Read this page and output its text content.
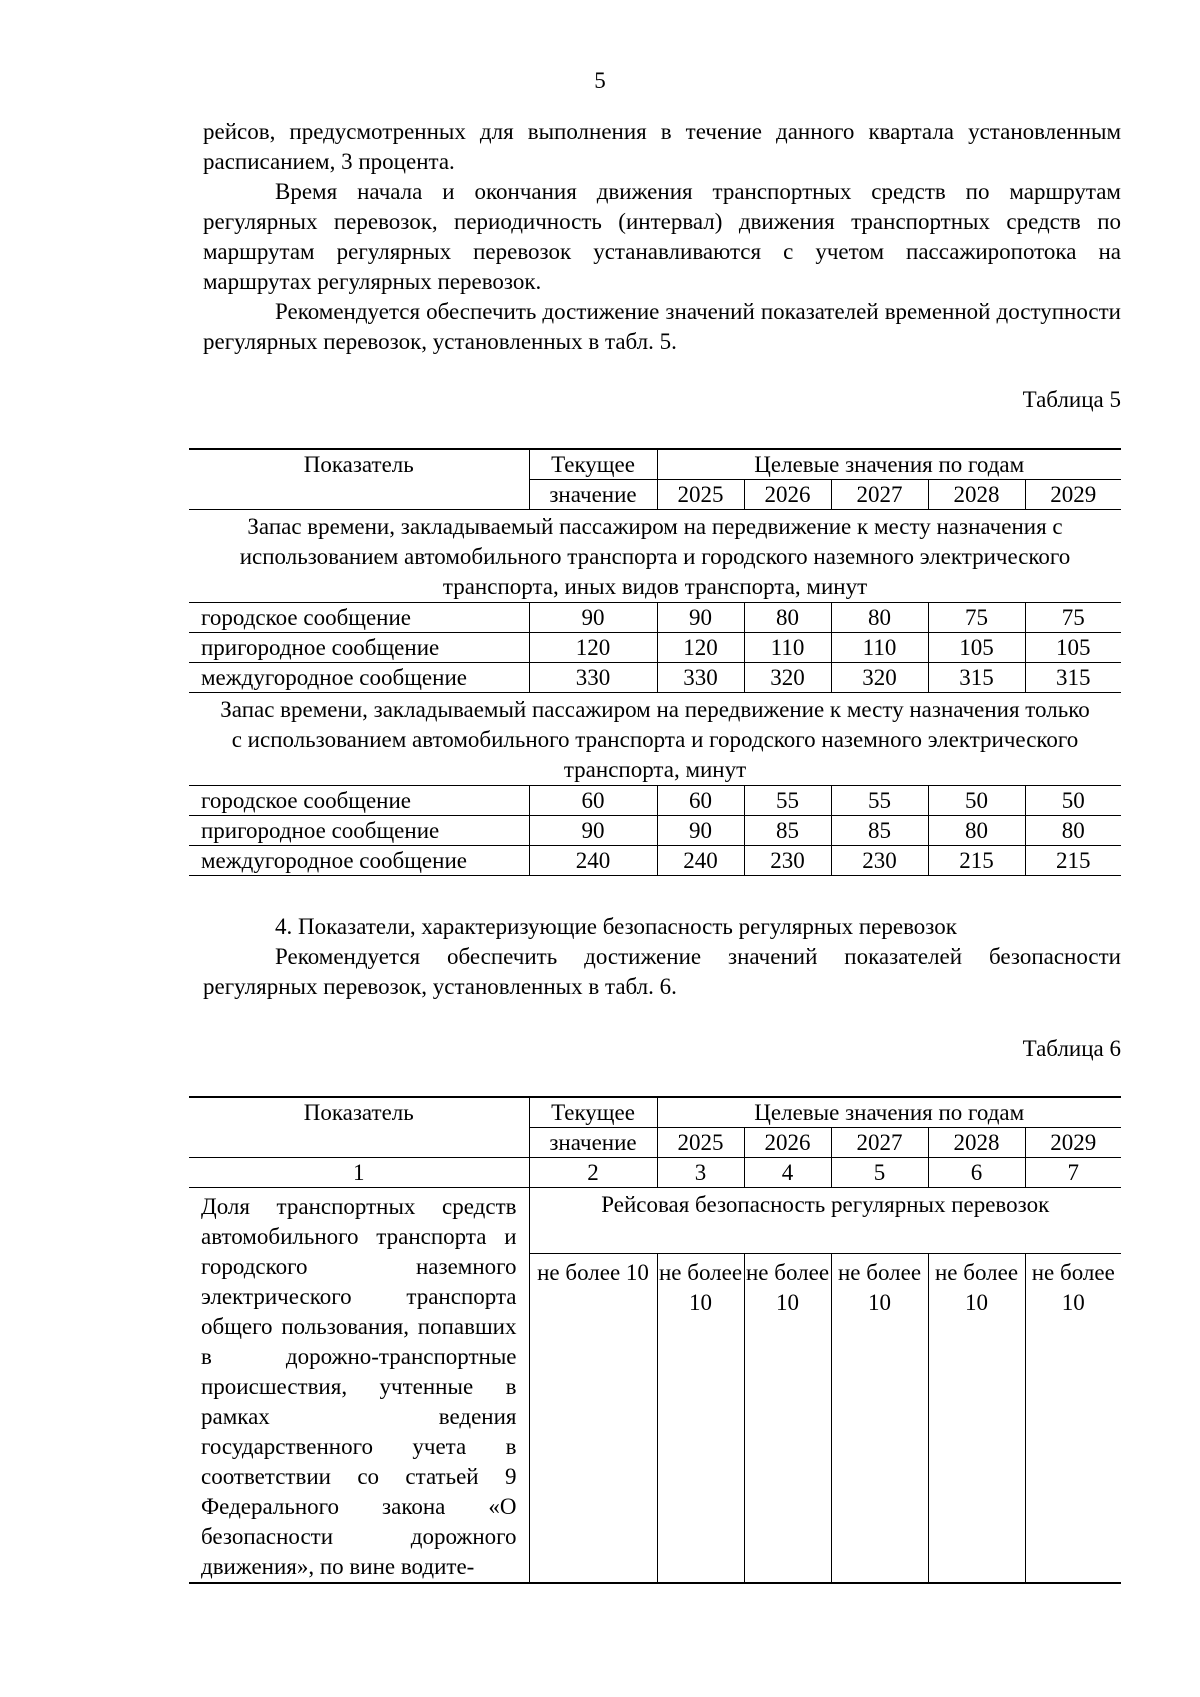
5

рейсов, предусмотренных для выполнения в течение данного квартала установленным расписанием, 3 процента.

Время начала и окончания движения транспортных средств по маршрутам регулярных перевозок, периодичность (интервал) движения транспортных средств по маршрутам регулярных перевозок устанавливаются с учетом пассажиропотока на маршрутах регулярных перевозок.

Рекомендуется обеспечить достижение значений показателей временной доступности регулярных перевозок, установленных в табл. 5.

Таблица 5
Показатель	Текущее	Целевые значения по годам				
	значение	2025	2026	2027	2028	2029
Запас времени, закладываемый пассажиром на передвижение к месту назначения с использованием автомобильного транспорта и городского наземного электрического транспорта, иных видов транспорта, минут						
городское сообщение	90	90	80	80	75	75
пригородное сообщение	120	120	110	110	105	105
междугородное сообщение	330	330	320	320	315	315
Запас времени, закладываемый пассажиром на передвижение к месту назначения только с использованием автомобильного транспорта и городского наземного электрического транспорта, минут						
городское сообщение	60	60	55	55	50	50
пригородное сообщение	90	90	85	85	80	80
междугородное сообщение	240	240	230	230	215	215

4. Показатели, характеризующие безопасность регулярных перевозок

Рекомендуется обеспечить достижение значений показателей безопасности регулярных перевозок, установленных в табл. 6.

Таблица 6
Показатель	Текущее	Целевые значения по годам				
	значение	2025	2026	2027	2028	2029
1	2	3	4	5	6	7
Доля транспортных средств автомобильного транспорта и городского наземного электрического транспорта общего пользования, попавших в дорожно-транспортные происшествия, учтенные в рамках ведения государственного учета в соответствии со статьей 9 Федерального закона «О безопасности дорожного движения», по вине водите-	Рейсовая безопасность регулярных перевозок					
	не более 10	не более 10	не более 10	не более 10	не более 10	не более 10
